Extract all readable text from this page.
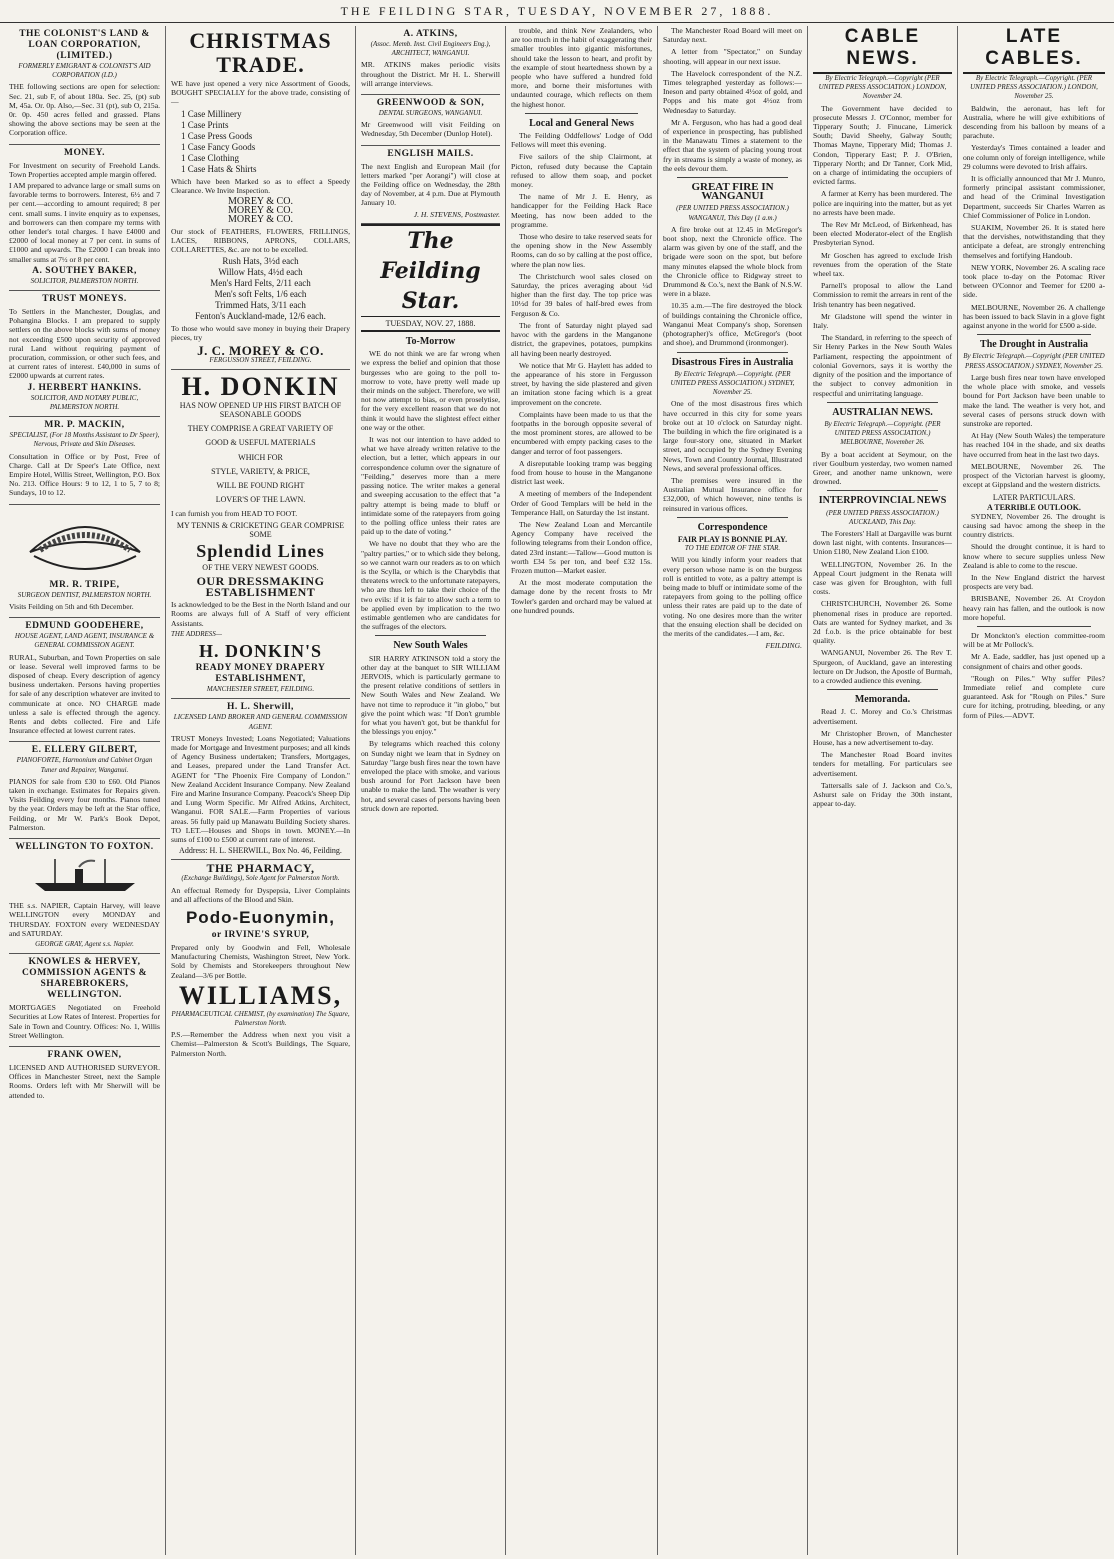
THE FEILDING STAR, TUESDAY, NOVEMBER 27, 1888.
THE COLONIST'S LAND & LOAN CORPORATION, (LIMITED.)
FORMERLY EMIGRANT & COLONIST'S AID CORPORATION (LD.)

THE following sections are open for selection: Sec. 21, sub F, of about 180a. Sec. 25, (pt) sub M, 45a. Or. 0p. Also,—Sec. 31 (pt), sub O, 215a. 0r. 0p. 450 acres felled and grassed. Plans showing the above sections may be seen at the Corporation office.

MONEY.

For Investment on security of Freehold Lands. Town Properties accepted ample margin offered.

I AM prepared to advance large or small sums on favorable terms to borrowers. Interest, 6½ and 7 per cent.—according to amount required; 8 per cent. small sums. I invite enquiry as to expenses, and borrowers can then compare my terms with other lender's total charges. I have £4000 and £2000 of local money at 7 per cent. in sums of £1000 and upwards. The £2000 I can break into smaller sums at 7½ or 8 per cent.

A. SOUTHEY BAKER,
SOLICITOR, PALMERSTON NORTH.
TRUST MONEYS.

To Settlers in the Manchester, Douglas, and Pohangina Blocks. I am prepared to supply settlers on the above blocks with sums of money not exceeding £500 upon security of approved rural Land without requiring payment of procuration, commission, or other such fees, and at current rates of interest. £40,000 in sums of £2000 upwards at current rates.

J. HERBERT HANKINS.
SOLICITOR, AND NOTARY PUBLIC, PALMERSTON NORTH.
MR. P. MACKIN,
SPECIALIST, (For 18 Months Assistant to Dr Speer), Nervous, Private and Skin Diseases.

Consultation in Office or by Post, Free of Charge. Call at Dr Speer's Late Office, next Empire Hotel, Willis Street, Wellington, P.O. Box No. 213. Office Hours: 9 to 12, 1 to 5, 7 to 8; Sundays, 10 to 12.

MR. R. TRIPE,
SURGEON DENTIST, PALMERSTON NORTH.

Visits Feilding on 5th and 6th December.

EDMUND GOODEHERE,
HOUSE AGENT, LAND AGENT, INSURANCE & GENERAL COMMISSION AGENT.

RURAL, Suburban, and Town Properties on sale or lease. Several well improved farms to be disposed of cheap. Every description of agency business undertaken. Persons having properties for sale of any description whatever are invited to communicate at once. NO CHARGE made unless a sale is effected through the agency. Rents and debts collected. Fire and Life Insurance effected at lowest current rates.

E. ELLERY GILBERT,
PIANOFORTE, Harmonium and Cabinet Organ Tuner and Repairer, Wanganui.

PIANOS for sale from £30 to £60. Old Pianos taken in exchange. Estimates for Repairs given. Visits Feilding every four months. Pianos tuned by the year. Orders may be left at the Star office, Feilding, or Mr W. Park's Book Depot, Palmerston.

WELLINGTON TO FOXTON.

THE s.s. NAPIER, Captain Harvey, will leave WELLINGTON every MONDAY and THURSDAY. FOXTON every WEDNESDAY and SATURDAY.

GEORGE GRAY, Agent s.s. Napier.
KNOWLES & HERVEY, COMMISSION AGENTS & SHAREBROKERS, WELLINGTON.

MORTGAGES Negotiated on Freehold Securities at Low Rates of Interest. Properties for Sale in Town and Country. Offices: No. 1, Willis Street Wellington.

FRANK OWEN,

LICENSED AND AUTHORISED SURVEYOR. Offices in Manchester Street, next the Sample Rooms. Orders left with Mr Sherwill will be attended to.

CHRISTMAS TRADE.

WE have just opened a very nice Assortment of Goods, BOUGHT SPECIALLY for the above trade, consisting of—

1 Case Millinery
1 Case Prints
1 Case Press Goods
1 Case Fancy Goods
1 Case Clothing
1 Case Hats & Shirts

Which have been Marked so as to effect a Speedy Clearance. We Invite Inspection.

MOREY & CO.
MOREY & CO.
MOREY & CO.

Our stock of FEATHERS, FLOWERS, FRILLINGS, LACES, RIBBONS, APRONS, COLLARS, COLLARETTES, &c. are not to be excelled.

Rush Hats, 3½d each
Willow Hats, 4½d each
Men's Hard Felts, 2/11 each
Men's soft Felts, 1/6 each
Trimmed Hats, 3/11 each
Fenton's Auckland-made, 12/6 each.

To those who would save money in buying their Drapery pieces, try

J. C. MOREY & CO.
FERGUSSON STREET, FEILDING.
H. DONKIN
HAS NOW OPENED UP HIS FIRST BATCH OF SEASONABLE GOODS
THEY COMPRISE A GREAT VARIETY OF
GOOD & USEFUL MATERIALS
WHICH FOR
STYLE, VARIETY, & PRICE,
WILL BE FOUND RIGHT
LOVER'S OF THE LAWN.

I can furnish you from HEAD TO FOOT.

MY TENNIS & CRICKETING GEAR COMPRISE SOME
Splendid Lines
OF THE VERY NEWEST GOODS.
OUR DRESSMAKING ESTABLISHMENT

Is acknowledged to be the Best in the North Island and our Rooms are always full of A Staff of very efficient Assistants.

THE ADDRESS—
H. DONKIN'S
READY MONEY DRAPERY ESTABLISHMENT,
MANCHESTER STREET, FEILDING.
H. L. Sherwill,
LICENSED LAND BROKER AND GENERAL COMMISSION AGENT.

TRUST Moneys Invested; Loans Negotiated; Valuations made for Mortgage and Investment purposes; and all kinds of Agency Business undertaken; Transfers, Mortgages, and Leases, prepared under the Land Transfer Act. AGENT for "The Phoenix Fire Company of London." New Zealand Accident Insurance Company. New Zealand Fire and Marine Insurance Company. Peacock's Sheep Dip and Lung Worm Specific. Mr Alfred Atkins, Architect, Wanganui. FOR SALE.—Farm Properties of various areas. 56 fully paid up Manawatu Building Society shares. TO LET.—Houses and Shops in town. MONEY.—In sums of £100 to £500 at current rate of interest.

Address: H. L. SHERWILL, Box No. 46, Feilding.
THE PHARMACY,
(Exchange Buildings), Sole Agent for Palmerston North.

An effectual Remedy for Dyspepsia, Liver Complaints and all affections of the Blood and Skin.

Podo-Euonymin,
or IRVINE'S SYRUP,

Prepared only by Goodwin and Fell, Wholesale Manufacturing Chemists, Washington Street, New York. Sold by Chemists and Storekeepers throughout New Zealand—3/6 per Bottle.

WILLIAMS,
PHARMACEUTICAL CHEMIST, (by examination) The Square, Palmerston North.

P.S.—Remember the Address when next you visit a Chemist—Palmerston & Scott's Buildings, The Square, Palmerston North.

A. ATKINS,
(Assoc. Memb. Inst. Civil Engineers Eng.), ARCHITECT, WANGANUI.

MR. ATKINS makes periodic visits throughout the District. Mr H. L. Sherwill will arrange interviews.

GREENWOOD & SON,
DENTAL SURGEONS, WANGANUI.

Mr Greenwood will visit Feilding on Wednesday, 5th December (Dunlop Hotel).

ENGLISH MAILS.

The next English and European Mail (for letters marked "per Aorangi") will close at the Feilding office on Wednesday, the 28th day of November, at 4 p.m. Due at Plymouth January 10.

J. H. STEVENS, Postmaster.
The Feilding Star.
TUESDAY, NOV. 27, 1888.
To-Morrow

WE do not think we are far wrong when we express the belief and opinion that those burgesses who are going to the poll to-morrow to vote, have pretty well made up their minds on the subject. Therefore, we will not now attempt to bias, or even proselytise, for the very excellent reason that we do not think it would have the slightest effect either one way or the other.

It was not our intention to have added to what we have already written relative to the election, but a letter, which appears in our correspondence column over the signature of "Feilding," deserves more than a mere passing notice. The writer makes a general and sweeping accusation to the effect that "a paltry attempt is being made to bluff or intimidate some of the ratepayers from going to the polling office unless their rates are paid up to the date of voting."

We have no doubt that they who are the "paltry parties," or to which side they belong, so we cannot warn our readers as to on which is the Scylla, or which is the Charybdis that threatens wreck to the unfortunate ratepayers, who are thus left to take their choice of the two evils: if it is fair to allow such a term to be applied even by implication to the two estimable gentlemen who are candidates for the suffrages of the electors.

New South Wales

SIR HARRY ATKINSON told a story the other day at the banquet to SIR WILLIAM JERVOIS, which is particularly germane to the present relative conditions of settlers in New South Wales and New Zealand. We have not time to reproduce it "in globo," but give the point which was: "If Don't grumble for what you haven't got, but be thankful for the blessings you enjoy."

By telegrams which reached this colony on Sunday night we learn that in Sydney on Saturday "large bush fires near the town have enveloped the place with smoke, and various bush around for Port Jackson have been unable to make the land. The weather is very hot, and several cases of persons having been struck down are reported.

trouble, and think New Zealanders, who are too much in the habit of exaggerating their smaller troubles into gigantic misfortunes, should take the lesson to heart, and profit by the example of stout heartedness shown by a people who have suffered a hundred fold more, and borne their misfortunes with undaunted courage, which reflects on them the highest honor.

Local and General News

The Feilding Oddfellows' Lodge of Odd Fellows will meet this evening.

Five sailors of the ship Clairmont, at Picton, refused duty because the Captain refused to allow them soap, and pocket money.

The name of Mr J. E. Henry, as handicapper for the Feilding Hack Race Meeting, has now been added to the programme.

Those who desire to take reserved seats for the opening show in the New Assembly Rooms, can do so by calling at the post office, where the plan now lies.

The Christchurch wool sales closed on Saturday, the prices averaging about ¼d higher than the first day. The top price was 10½d for 39 bales of half-bred ewes from Ferguson & Co.

The front of Saturday night played sad havoc with the gardens in the Manganone district, the grapevines, potatoes, pumpkins all having been nearly destroyed.

We notice that Mr G. Haylett has added to the appearance of his store in Fergusson street, by having the side plastered and given an imitation stone facing which is a great improvement on the concrete.

Complaints have been made to us that the footpaths in the borough opposite several of the most prominent stores, are allowed to be encumbered with empty packing cases to the danger and terror of foot passengers.

A disreputable looking tramp was begging food from house to house in the Manganone district last week.

A meeting of members of the Independent Order of Good Templars will be held in the Temperance Hall, on Saturday the 1st instant.

The New Zealand Loan and Mercantile Agency Company have received the following telegrams from their London office, dated 23rd instant:—Tallow—Good mutton is worth £34 5s per ton, and beef £32 15s. Frozen mutton—Market easier.

At the most moderate computation the damage done by the recent frosts to Mr Towler's garden and orchard may be valued at one hundred pounds.

The Manchester Road Board will meet on Saturday next.

A letter from "Spectator," on Sunday shooting, will appear in our next issue.

The Havelock correspondent of the N.Z. Times telegraphed yesterday as follows:—Ineson and party obtained 4½oz of gold, and Popps and his mate got 4½oz from Wednesday to Saturday.

Mr A. Ferguson, who has had a good deal of experience in prospecting, has published in the Manawatu Times a statement to the effect that the system of placing young trout fry in streams is simply a waste of money, as the eels devour them.

GREAT FIRE IN WANGANUI
(PER UNITED PRESS ASSOCIATION.) WANGANUI, This Day (1 a.m.)

A fire broke out at 12.45 in McGregor's boot shop, next the Chronicle office. The alarm was given by one of the staff, and the brigade were soon on the spot, but before many minutes elapsed the whole block from the Chronicle office to Ridgway street to Drummond & Co.'s, next the Bank of N.S.W. were in a blaze.

10.35 a.m.—The fire destroyed the block of buildings containing the Chronicle office, Wanganui Meat Company's shop, Sorensen (photographer)'s office, McGregor's (boot and shoe), and Drummond (ironmonger).

Disastrous Fires in Australia
By Electric Telegraph.—Copyright. (PER UNITED PRESS ASSOCIATION.) SYDNEY, November 25.

One of the most disastrous fires which have occurred in this city for some years broke out at 10 o'clock on Saturday night. The building in which the fire originated is a large four-story one, situated in Market street, and occupied by the Sydney Evening News, Town and Country Journal, Illustrated News, and several professional offices.

The premises were insured in the Australian Mutual Insurance office for £32,000, of which however, nine tenths is reinsured in various offices.

Correspondence
FAIR PLAY IS BONNIE PLAY.
TO THE EDITOR OF THE STAR.

Will you kindly inform your readers that every person whose name is on the burgess roll is entitled to vote, as a paltry attempt is being made to bluff or intimidate some of the ratepayers from going to the polling office unless their rates are paid up to the date of voting. No one desires more than the writer that the ensuing election shall be decided on the merits of the candidates.—I am, &c.

FEILDING.
CABLE NEWS.
By Electric Telegraph.—Copyright (PER UNITED PRESS ASSOCIATION.) LONDON, November 24.

The Government have decided to prosecute Messrs J. O'Connor, member for Tipperary South; J. Finucane, Limerick South; David Sheehy, Galway South; Thomas Mayne, Tipperary Mid; Thomas J. Condon, Tipperary East; P. J. O'Brien, Tipperary North; and Dr Tanner, Cork Mid, on a charge of intimidating the occupiers of evicted farms.

A farmer at Kerry has been murdered. The police are inquiring into the matter, but as yet no arrests have been made.

The Rev Mr McLeod, of Birkenhead, has been elected Moderator-elect of the English Presbyterian Synod.

Mr Goschen has agreed to exclude Irish revenues from the operation of the State wheel tax.

Parnell's proposal to allow the Land Commission to remit the arrears in rent of the Irish tenantry has been negatived.

Mr Gladstone will spend the winter in Italy.

The Standard, in referring to the speech of Sir Henry Parkes in the New South Wales Parliament, respecting the appointment of colonial Governors, says it is worthy the dignity of the position and the importance of the subject to convey admonition in respectful and unirritating language.

AUSTRALIAN NEWS.
By Electric Telegraph.—Copyright. (PER UNITED PRESS ASSOCIATION.) MELBOURNE, November 26.

By a boat accident at Seymour, on the river Goulburn yesterday, two women named Greer, and another name unknown, were drowned.

INTERPROVINCIAL NEWS
(PER UNITED PRESS ASSOCIATION.) AUCKLAND, This Day.

The Foresters' Hall at Dargaville was burnt down last night, with contents. Insurances—Union £180, New Zealand Lion £100.

WELLINGTON, November 26. In the Appeal Court judgment in the Renata will case was given for Broughton, with full costs.

CHRISTCHURCH, November 26. Some phenomenal rises in produce are reported. Oats are wanted for Sydney market, and 3s 2d f.o.b. is the price obtainable for best quality.

WANGANUI, November 26. The Rev T. Spurgeon, of Auckland, gave an interesting lecture on Dr Judson, the Apostle of Burmah, to a crowded audience this evening.

Memoranda.

Read J. C. Morey and Co.'s Christmas advertisement.

Mr Christopher Brown, of Manchester House, has a new advertisement to-day.

The Manchester Road Board invites tenders for metalling. For particulars see advertisement.

Tattersalls sale of J. Jackson and Co.'s, Ashurst sale on Friday the 30th instant, appear to-day.

LATE CABLES.
By Electric Telegraph.—Copyright. (PER UNITED PRESS ASSOCIATION.) LONDON, November 25.

Baldwin, the aeronaut, has left for Australia, where he will give exhibitions of descending from his balloon by means of a parachute.

Yesterday's Times contained a leader and one column only of foreign intelligence, while 29 columns were devoted to Irish affairs.

It is officially announced that Mr J. Munro, formerly principal assistant commissioner, and head of the Criminal Investigation Department, succeeds Sir Charles Warren as Chief Commissioner of Police in London.

SUAKIM, November 26. It is stated here that the dervishes, notwithstanding that they anticipate a defeat, are strongly entrenching themselves and fortifying Handoub.

NEW YORK, November 26. A scaling race took place to-day on the Potomac River between O'Connor and Teemer for £200 a-side.

MELBOURNE, November 26. A challenge has been issued to back Slavin in a glove fight against anyone in the world for £500 a-side.

The Drought in Australia
By Electric Telegraph.—Copyright (PER UNITED PRESS ASSOCIATION.) SYDNEY, November 25.

Large bush fires near town have enveloped the whole place with smoke, and vessels bound for Port Jackson have been unable to make the land. The weather is very hot, and several cases of persons struck down with sunstroke are reported.

At Hay (New South Wales) the temperature has reached 104 in the shade, and six deaths have occurred from heat in the last two days.

MELBOURNE, November 26. The prospect of the Victorian harvest is gloomy, except at Gippsland and the western districts.

LATER PARTICULARS.
A TERRIBLE OUTLOOK.

SYDNEY, November 26. The drought is causing sad havoc among the sheep in the country districts.

Should the drought continue, it is hard to know where to secure supplies unless New Zealand is able to come to the rescue.

In the New England district the harvest prospects are very bad.

BRISBANE, November 26. At Croydon heavy rain has fallen, and the outlook is now more hopeful.

Dr Monckton's election committee-room will be at Mr Pollock's.

Mr A. Eade, saddler, has just opened up a consignment of chairs and other goods.

"Rough on Piles." Why suffer Piles? Immediate relief and complete cure guaranteed. Ask for "Rough on Piles." Sure cure for itching, protruding, bleeding, or any form of Piles.—ADVT.
